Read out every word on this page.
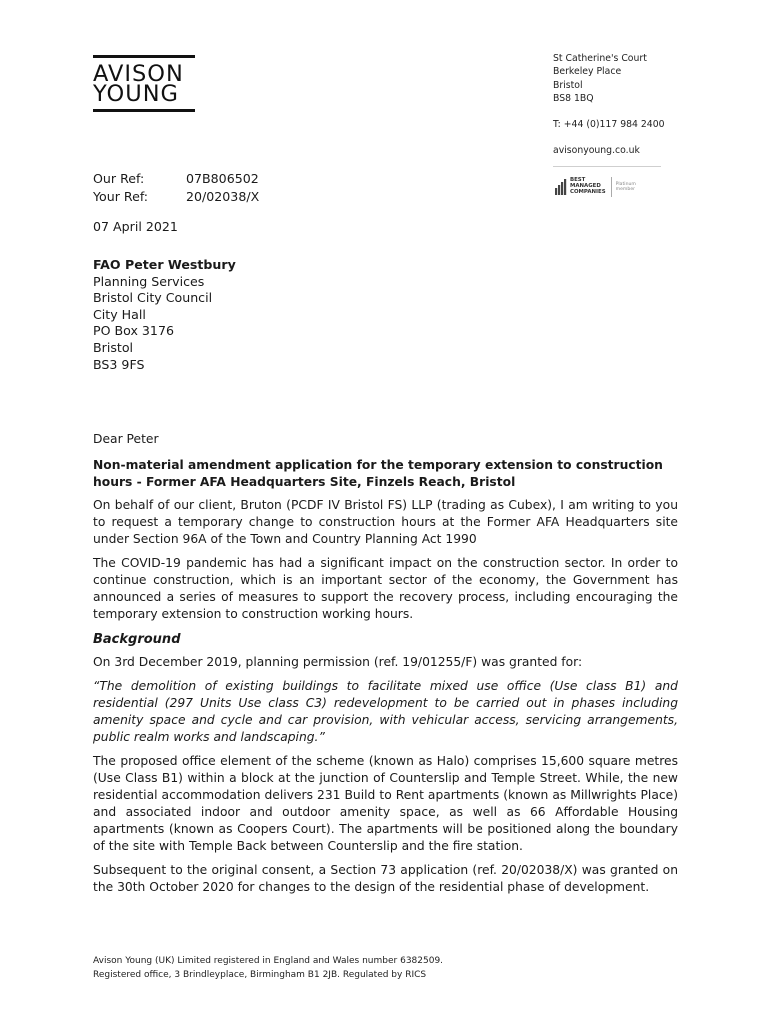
AVISON
YOUNG
St Catherine's Court
Berkeley Place
Bristol
BS8 1BQ
T: +44 (0)117 984 2400
avisonyoung.co.uk
BEST
MANAGED
COMPANIES
Platinum
member
Our Ref:	07B806502
Your Ref:	20/02038/X
07 April 2021
FAO Peter Westbury
Planning Services
Bristol City Council
City Hall
PO Box 3176
Bristol
BS3 9FS

Dear Peter

Non-material amendment application for the temporary extension to construction hours - Former AFA Headquarters Site, Finzels Reach, Bristol

On behalf of our client, Bruton (PCDF IV Bristol FS) LLP (trading as Cubex), I am writing to you to request a temporary change to construction hours at the Former AFA Headquarters site under Section 96A of the Town and Country Planning Act 1990

The COVID-19 pandemic has had a significant impact on the construction sector. In order to continue construction, which is an important sector of the economy, the Government has announced a series of measures to support the recovery process, including encouraging the temporary extension to construction working hours.

Background

On 3rd December 2019, planning permission (ref. 19/01255/F) was granted for:

“The demolition of existing buildings to facilitate mixed use office (Use class B1) and residential (297 Units Use class C3) redevelopment to be carried out in phases including amenity space and cycle and car provision, with vehicular access, servicing arrangements, public realm works and landscaping.”

The proposed office element of the scheme (known as Halo) comprises 15,600 square metres (Use Class B1) within a block at the junction of Counterslip and Temple Street. While, the new residential accommodation delivers 231 Build to Rent apartments (known as Millwrights Place) and associated indoor and outdoor amenity space, as well as 66 Affordable Housing apartments (known as Coopers Court). The apartments will be positioned along the boundary of the site with Temple Back between Counterslip and the fire station.

Subsequent to the original consent, a Section 73 application (ref. 20/02038/X) was granted on the 30th October 2020 for changes to the design of the residential phase of development.

Avison Young (UK) Limited registered in England and Wales number 6382509.
Registered office, 3 Brindleyplace, Birmingham B1 2JB. Regulated by RICS
